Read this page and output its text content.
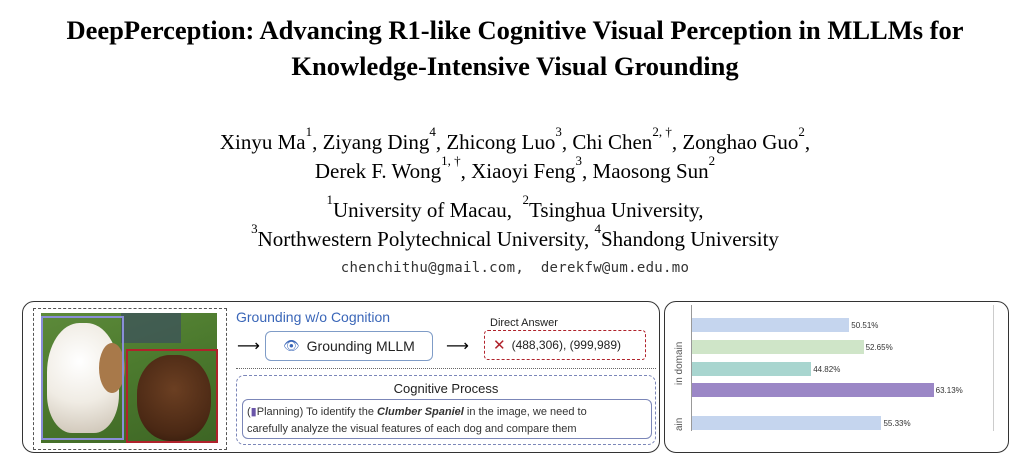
DeepPerception: Advancing R1-like Cognitive Visual Perception in MLLMs for
Knowledge-Intensive Visual Grounding
Xinyu Ma$^1$, Ziyang Ding$^4$, Zhicong Luo$^3$, Chi Chen$^{2, \dagger}$, Zonghao Guo$^2$,
Derek F. Wong$^{1, \dagger}$, Xiaoyi Feng$^3$, Maosong Sun$^2$
$^1$University of Macau, $^2$Tsinghua University,
$^3$Northwestern Polytechnical University, $^4$Shandong University
chenchithu@gmail.com, derekfw@um.edu.mo
Grounding w/o Cognition
⟶ 👁 Grounding MLLM ⟶
Direct Answer
✕ (488,306), (999,989)
Cognitive Process
(▮Planning) To identify the Clumber Spaniel in the image, we need to
carefully analyze the visual features of each dog and compare them
in domain
ain
50.51%
52.65%
44.82%
63.13%
55.33%
